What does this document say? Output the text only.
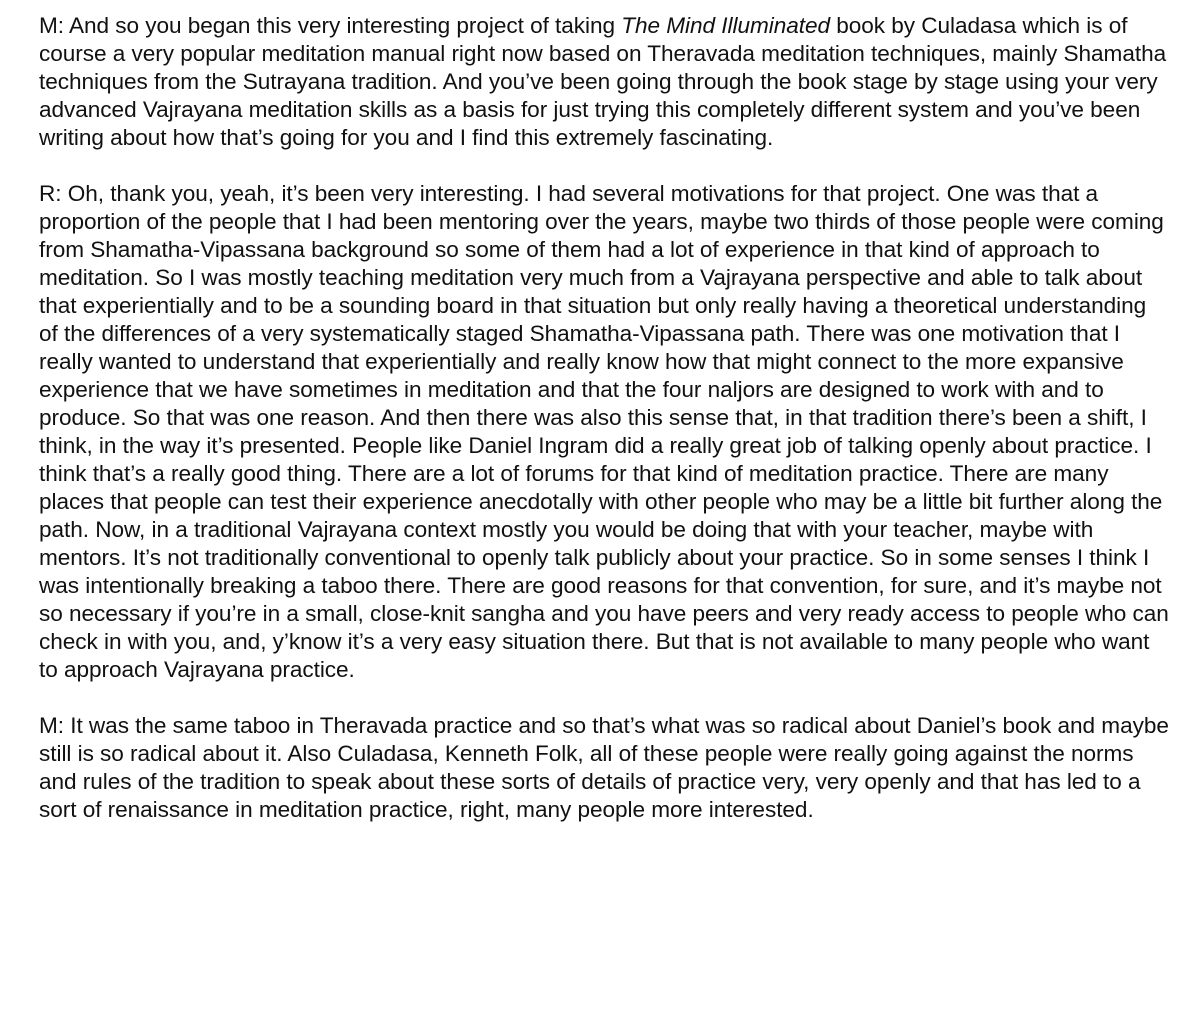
M: And so you began this very interesting project of taking The Mind Illuminated book by Culadasa which is of course a very popular meditation manual right now based on Theravada meditation techniques, mainly Shamatha techniques from the Sutrayana tradition. And you’ve been going through the book stage by stage using your very advanced Vajrayana meditation skills as a basis for just trying this completely different system and you’ve been writing about how that’s going for you and I find this extremely fascinating.

R: Oh, thank you, yeah, it’s been very interesting. I had several motivations for that project. One was that a proportion of the people that I had been mentoring over the years, maybe two thirds of those people were coming from Shamatha-Vipassana background so some of them had a lot of experience in that kind of approach to meditation. So I was mostly teaching meditation very much from a Vajrayana perspective and able to talk about that experientially and to be a sounding board in that situation but only really having a theoretical understanding of the differences of a very systematically staged Shamatha-Vipassana path. There was one motivation that I really wanted to understand that experientially and really know how that might connect to the more expansive experience that we have sometimes in meditation and that the four naljors are designed to work with and to produce. So that was one reason. And then there was also this sense that, in that tradition there’s been a shift, I think, in the way it’s presented. People like Daniel Ingram did a really great job of talking openly about practice. I think that’s a really good thing. There are a lot of forums for that kind of meditation practice. There are many places that people can test their experience anecdotally with other people who may be a little bit further along the path. Now, in a traditional Vajrayana context mostly you would be doing that with your teacher, maybe with mentors. It’s not traditionally conventional to openly talk publicly about your practice. So in some senses I think I was intentionally breaking a taboo there. There are good reasons for that convention, for sure, and it’s maybe not so necessary if you’re in a small, close-knit sangha and you have peers and very ready access to people who can check in with you, and, y’know it’s a very easy situation there. But that is not available to many people who want to approach Vajrayana practice.

M: It was the same taboo in Theravada practice and so that’s what was so radical about Daniel’s book and maybe still is so radical about it. Also Culadasa, Kenneth Folk, all of these people were really going against the norms and rules of the tradition to speak about these sorts of details of practice very, very openly and that has led to a sort of renaissance in meditation practice, right, many people more interested.
